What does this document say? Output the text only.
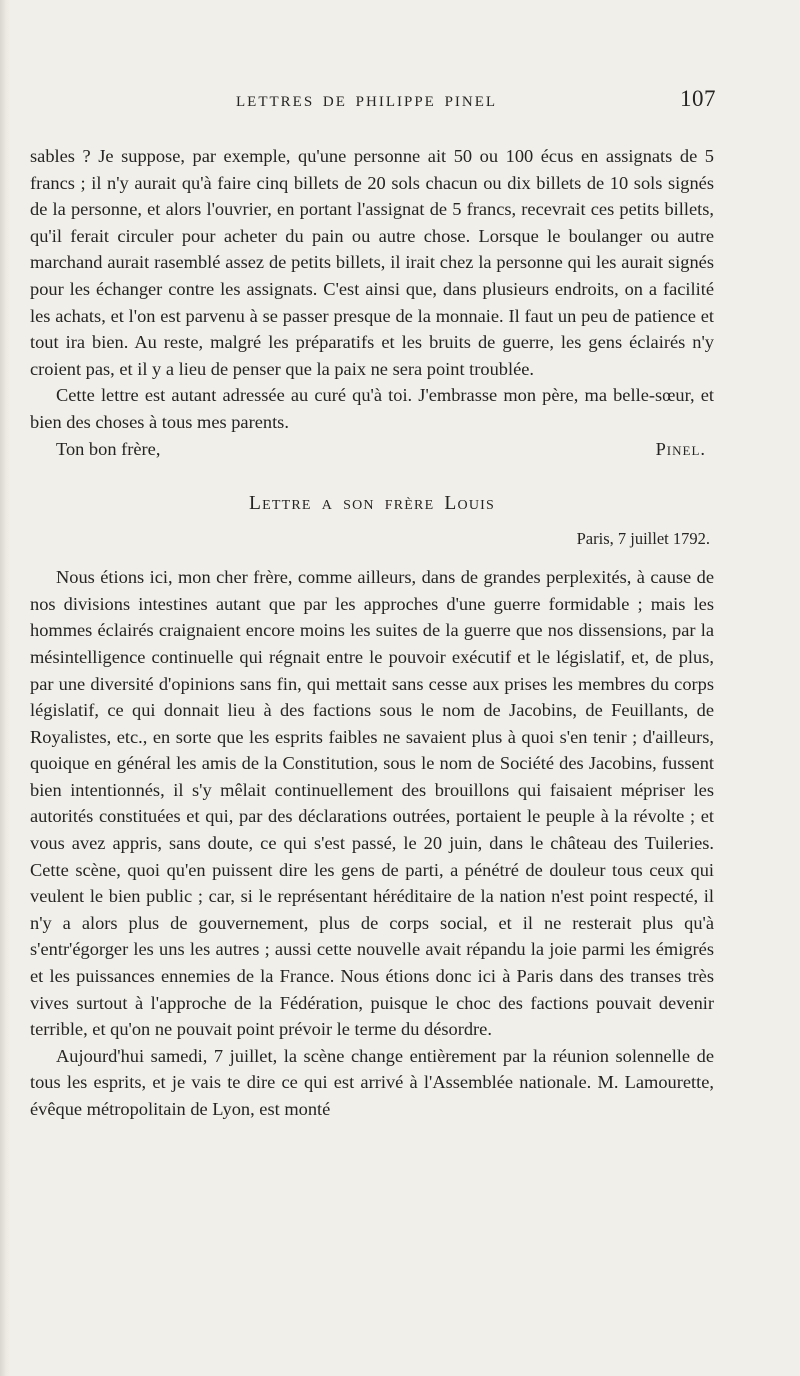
LETTRES DE PHILIPPE PINEL	107

sables ? Je suppose, par exemple, qu'une personne ait 50 ou 100 écus en assignats de 5 francs ; il n'y aurait qu'à faire cinq billets de 20 sols chacun ou dix billets de 10 sols signés de la personne, et alors l'ouvrier, en portant l'assignat de 5 francs, recevrait ces petits billets, qu'il ferait circuler pour acheter du pain ou autre chose. Lorsque le boulanger ou autre marchand aurait rasemblé assez de petits billets, il irait chez la personne qui les aurait signés pour les échanger contre les assignats. C'est ainsi que, dans plusieurs endroits, on a facilité les achats, et l'on est parvenu à se passer presque de la monnaie. Il faut un peu de patience et tout ira bien. Au reste, malgré les préparatifs et les bruits de guerre, les gens éclairés n'y croient pas, et il y a lieu de penser que la paix ne sera point troublée.

Cette lettre est autant adressée au curé qu'à toi. J'embrasse mon père, ma belle-sœur, et bien des choses à tous mes parents.

Ton bon frère,	Pinel.
Lettre a son frère Louis
Paris, 7 juillet 1792.

Nous étions ici, mon cher frère, comme ailleurs, dans de grandes perplexités, à cause de nos divisions intestines autant que par les approches d'une guerre formidable ; mais les hommes éclairés craignaient encore moins les suites de la guerre que nos dissensions, par la mésintelligence continuelle qui régnait entre le pouvoir exécutif et le législatif, et, de plus, par une diversité d'opinions sans fin, qui mettait sans cesse aux prises les membres du corps législatif, ce qui donnait lieu à des factions sous le nom de Jacobins, de Feuillants, de Royalistes, etc., en sorte que les esprits faibles ne savaient plus à quoi s'en tenir ; d'ailleurs, quoique en général les amis de la Constitution, sous le nom de Société des Jacobins, fussent bien intentionnés, il s'y mêlait continuellement des brouillons qui faisaient mépriser les autorités constituées et qui, par des déclarations outrées, portaient le peuple à la révolte ; et vous avez appris, sans doute, ce qui s'est passé, le 20 juin, dans le château des Tuileries. Cette scène, quoi qu'en puissent dire les gens de parti, a pénétré de douleur tous ceux qui veulent le bien public ; car, si le représentant héréditaire de la nation n'est point respecté, il n'y a alors plus de gouvernement, plus de corps social, et il ne resterait plus qu'à s'entr'égorger les uns les autres ; aussi cette nouvelle avait répandu la joie parmi les émigrés et les puissances ennemies de la France. Nous étions donc ici à Paris dans des transes très vives surtout à l'approche de la Fédération, puisque le choc des factions pouvait devenir terrible, et qu'on ne pouvait point prévoir le terme du désordre.

Aujourd'hui samedi, 7 juillet, la scène change entièrement par la réunion solennelle de tous les esprits, et je vais te dire ce qui est arrivé à l'Assemblée nationale. M. Lamourette, évêque métropolitain de Lyon, est monté
